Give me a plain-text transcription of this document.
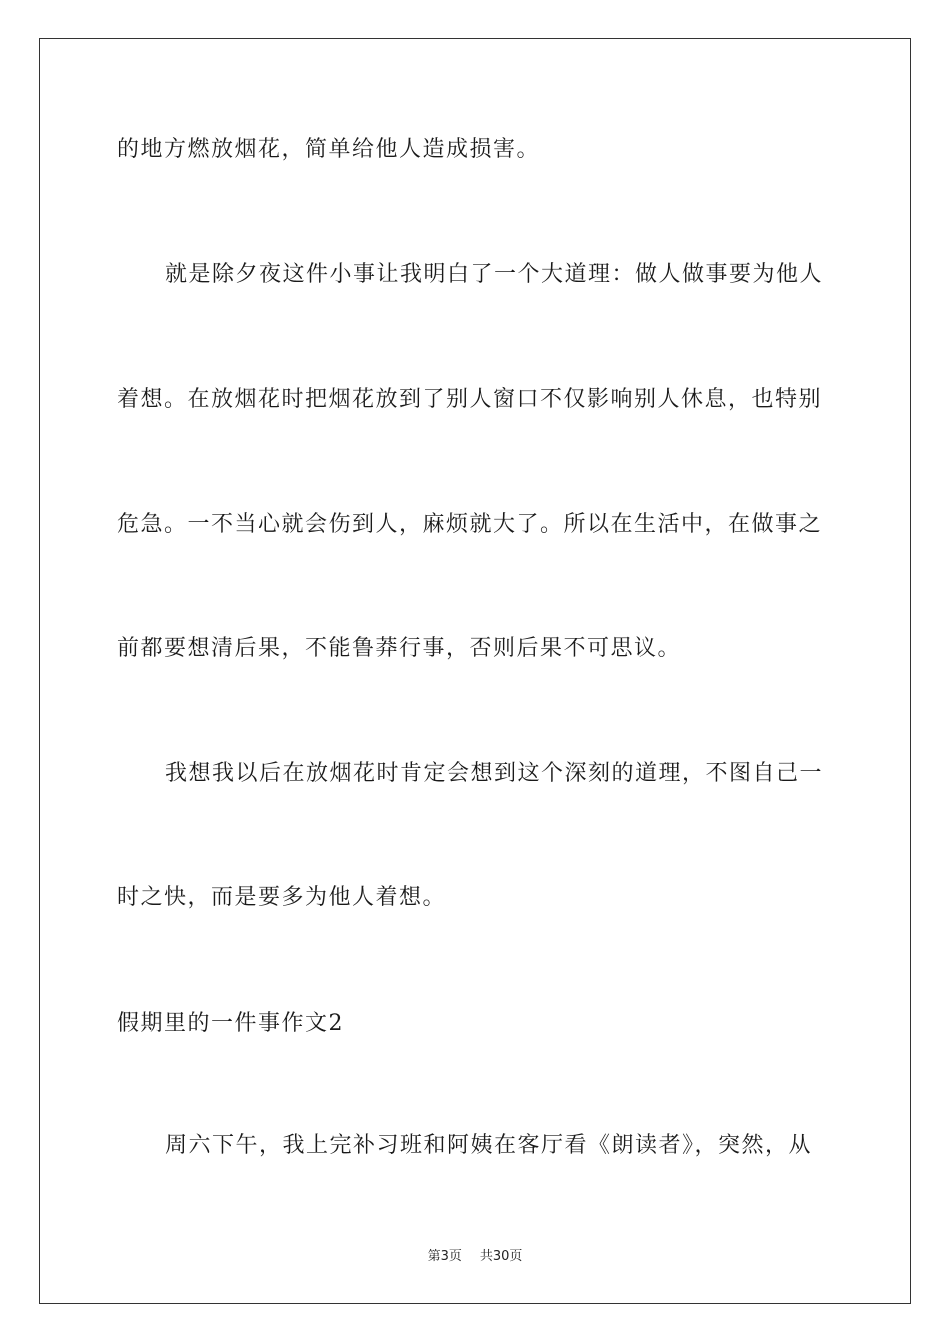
的地方燃放烟花，简单给他人造成损害。
就是除夕夜这件小事让我明白了一个大道理：做人做事要为他人
着想。在放烟花时把烟花放到了别人窗口不仅影响别人休息，也特别
危急。一不当心就会伤到人，麻烦就大了。所以在生活中，在做事之
前都要想清后果，不能鲁莽行事，否则后果不可思议。
我想我以后在放烟花时肯定会想到这个深刻的道理，不图自己一
时之快，而是要多为他人着想。
假期里的一件事作文2
周六下午，我上完补习班和阿姨在客厅看《朗读者》，突然，从
第3页 共30页
